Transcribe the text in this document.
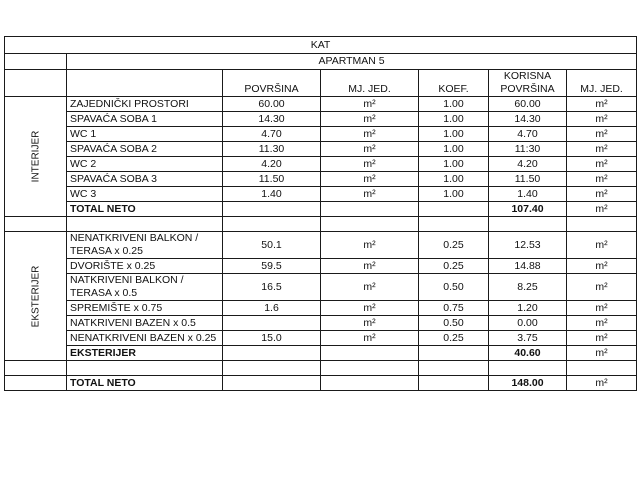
KAT						
	APARTMAN 5					
		POVRŠINA	MJ. JED.	KOEF.	KORISNA POVRŠINA	MJ. JED.
INTERIJER	ZAJEDNIČKI PROSTORI	60.00	m²	1.00	60.00	m²
	SPAVAĆA SOBA 1	14.30	m²	1.00	14.30	m²
	WC 1	4.70	m²	1.00	4.70	m²
	SPAVAĆA SOBA 2	11.30	m²	1.00	11:30	m²
	WC 2	4.20	m²	1.00	4.20	m²
	SPAVAĆA SOBA 3	11.50	m²	1.00	11.50	m²
	WC 3	1.40	m²	1.00	1.40	m²
	TOTAL NETO				107.40	m²

EKSTERIJER	NENATKRIVENI BALKON / TERASA x 0.25	50.1	m²	0.25	12.53	m²
	DVORIŠTE x 0.25	59.5	m²	0.25	14.88	m²
	NATKRIVENI BALKON / TERASA x 0.5	16.5	m²	0.50	8.25	m²
	SPREMIŠTE x 0.75	1.6	m²	0.75	1.20	m²
	NATKRIVENI BAZEN x 0.5		m²	0.50	0.00	m²
	NENATKRIVENI BAZEN x 0.25	15.0	m²	0.25	3.75	m²
	EKSTERIJER				40.60	m²

	TOTAL NETO				148.00	m²
